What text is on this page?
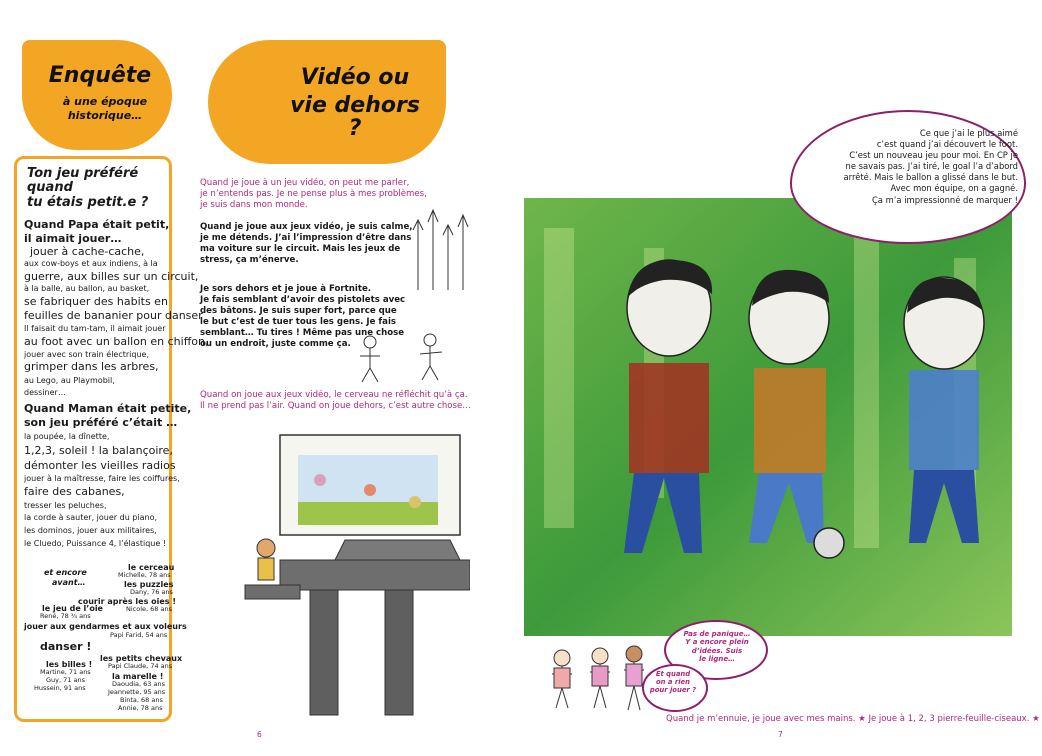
Enquête
à une époque
historique…
Ton jeu préféré quand
tu étais petit.e ?
Quand Papa était petit,
il aimait jouer…
jouer à cache-cache,
aux cow-boys et aux indiens, à la
guerre, aux billes sur un circuit,
à la balle, au ballon, au basket,
se fabriquer des habits en
feuilles de bananier pour danser
Il faisait du tam-tam, il aimait jouer
au foot avec un ballon en chiffon,
jouer avec son train électrique,
grimper dans les arbres,
au Lego, au Playmobil,
dessiner…
Quand Maman était petite,
son jeu préféré c’était …
la poupée, la dînette,
1,2,3, soleil ! la balançoire,
démonter les vieilles radios
jouer à la maîtresse, faire les coiffures,
faire des cabanes,
tresser les peluches,
la corde à sauter, jouer du piano,
les dominos, jouer aux militaires,
le Cluedo, Puissance 4, l’élastique !
et encore
avant…
le cerceau
Michelle, 78 ans
les puzzles
Dany, 76 ans
courir après les oies !
Nicole, 68 ans
le jeu de l’oie
René, 78 ¾ ans
jouer aux gendarmes et aux voleurs
Papi Farid, 54 ans
danser !
les billes !
Martine, 71 ans
Guy, 71 ans
Hussein, 91 ans
les petits chevaux
Papi Claude, 74 ans
la marelle !
Daoudia, 63 ans
Jeannette, 95 ans
Binta, 68 ans
Annie, 78 ans
Vidéo ou
vie dehors ?
Quand je joue à un jeu vidéo, on peut me parler,
je n’entends pas. Je ne pense plus à mes problèmes,
je suis dans mon monde.
Quand je joue aux jeux vidéo, je suis calme,
je me détends. J’ai l’impression d’être dans
ma voiture sur le circuit. Mais les jeux de
stress, ça m’énerve.
Je sors dehors et je joue à Fortnite.
Je fais semblant d’avoir des pistolets avec
des bâtons. Je suis super fort, parce que
le but c’est de tuer tous les gens. Je fais
semblant… Tu tires ! Même pas une chose
ou un endroit, juste comme ça.
Quand on joue aux jeux vidéo, le cerveau ne réfléchit qu’à ça.
Il ne prend pas l’air. Quand on joue dehors, c’est autre chose…
6
Ce que j’ai le plus aimé
c’est quand j’ai découvert le foot.
C’est un nouveau jeu pour moi. En CP je
ne savais pas. J’ai tiré, le goal l’a d’abord
arrêté. Mais le ballon a glissé dans le but.
Avec mon équipe, on a gagné.
Ça m’a impressionné de marquer !
Pas de panique…
Y a encore plein
d’idées. Suis
le ligne…
Et quand
on a rien
pour jouer ?
Quand je m’ennuie, je joue avec mes mains. ★ Je joue à 1, 2, 3 pierre-feuille-ciseaux. ★
7
